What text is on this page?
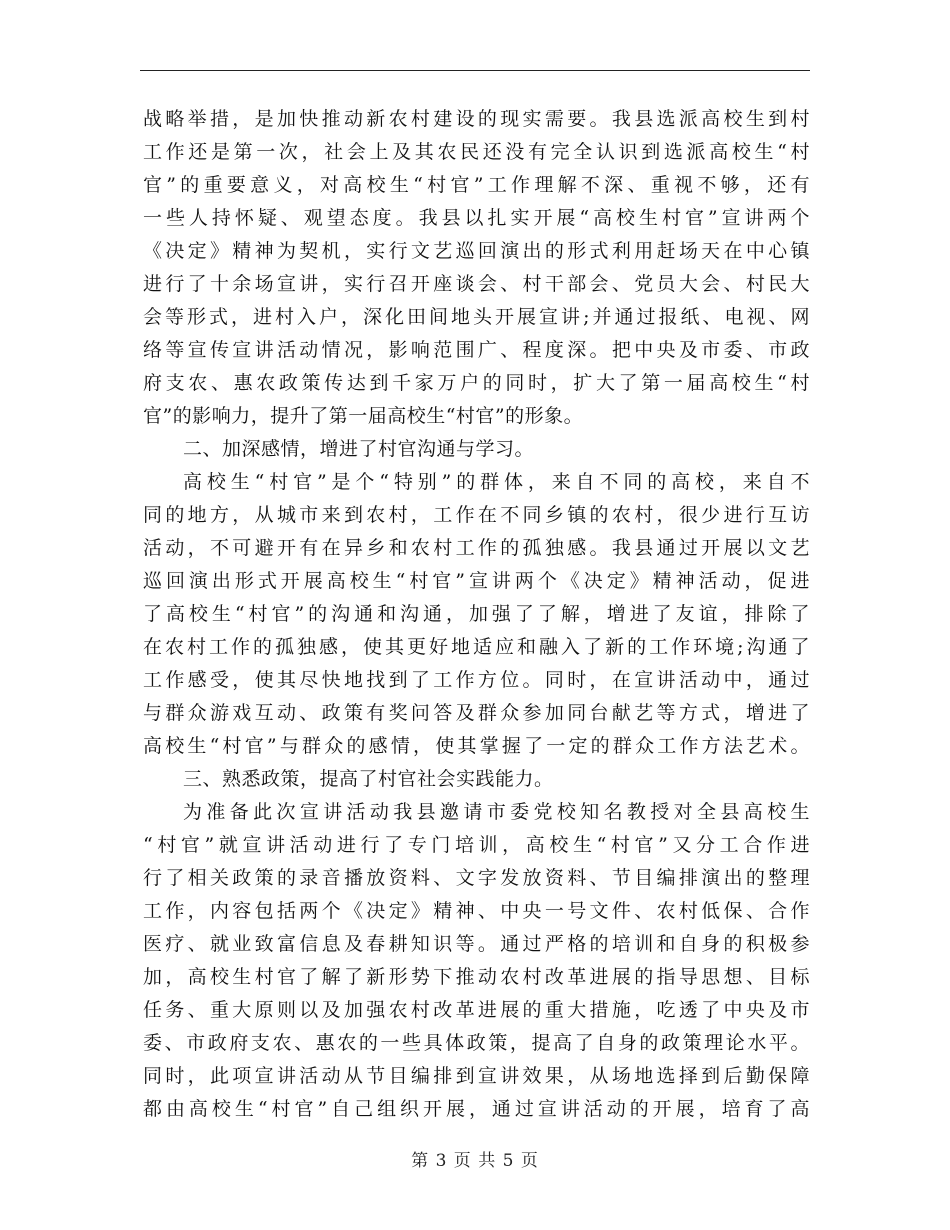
战略举措，是加快推动新农村建设的现实需要。我县选派高校生到村
工作还是第一次，社会上及其农民还没有完全认识到选派高校生“村
官”的重要意义，对高校生“村官”工作理解不深、重视不够，还有
一些人持怀疑、观望态度。我县以扎实开展“高校生村官”宣讲两个
《决定》精神为契机，实行文艺巡回演出的形式利用赶场天在中心镇
进行了十余场宣讲，实行召开座谈会、村干部会、党员大会、村民大
会等形式，进村入户，深化田间地头开展宣讲;并通过报纸、电视、网
络等宣传宣讲活动情况，影响范围广、程度深。把中央及市委、市政
府支农、惠农政策传达到千家万户的同时，扩大了第一届高校生“村
官”的影响力，提升了第一届高校生“村官”的形象。
二、加深感情，增进了村官沟通与学习。
高校生“村官”是个“特别”的群体，来自不同的高校，来自不
同的地方，从城市来到农村，工作在不同乡镇的农村，很少进行互访
活动，不可避开有在异乡和农村工作的孤独感。我县通过开展以文艺
巡回演出形式开展高校生“村官”宣讲两个《决定》精神活动，促进
了高校生“村官”的沟通和沟通，加强了了解，增进了友谊，排除了
在农村工作的孤独感，使其更好地适应和融入了新的工作环境;沟通了
工作感受，使其尽快地找到了工作方位。同时，在宣讲活动中，通过
与群众游戏互动、政策有奖问答及群众参加同台献艺等方式，增进了
高校生“村官”与群众的感情，使其掌握了一定的群众工作方法艺术。
三、熟悉政策，提高了村官社会实践能力。
为准备此次宣讲活动我县邀请市委党校知名教授对全县高校生
“村官”就宣讲活动进行了专门培训，高校生“村官”又分工合作进
行了相关政策的录音播放资料、文字发放资料、节目编排演出的整理
工作，内容包括两个《决定》精神、中央一号文件、农村低保、合作
医疗、就业致富信息及春耕知识等。通过严格的培训和自身的积极参
加，高校生村官了解了新形势下推动农村改革进展的指导思想、目标
任务、重大原则以及加强农村改革进展的重大措施，吃透了中央及市
委、市政府支农、惠农的一些具体政策，提高了自身的政策理论水平。
同时，此项宣讲活动从节目编排到宣讲效果，从场地选择到后勤保障
都由高校生“村官”自己组织开展，通过宣讲活动的开展，培育了高
第 3 页 共 5 页
